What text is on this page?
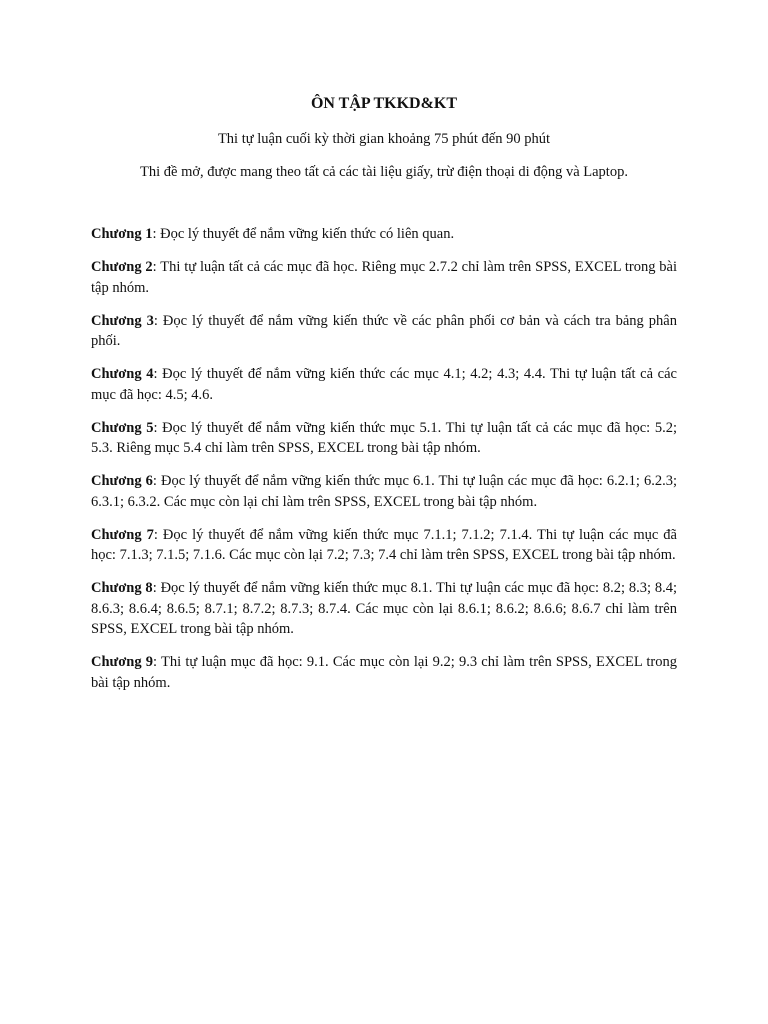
ÔN TẬP TKKD&KT
Thi tự luận cuối kỳ thời gian khoảng 75 phút đến 90 phút
Thi đề mở, được mang theo tất cả các tài liệu giấy, trừ điện thoại di động và Laptop.

Chương 1: Đọc lý thuyết để nắm vững kiến thức có liên quan.

Chương 2: Thi tự luận tất cả các mục đã học. Riêng mục 2.7.2 chỉ làm trên SPSS, EXCEL trong bài tập nhóm.

Chương 3: Đọc lý thuyết để nắm vững kiến thức về các phân phối cơ bản và cách tra bảng phân phối.

Chương 4: Đọc lý thuyết để nắm vững kiến thức các mục 4.1; 4.2; 4.3; 4.4. Thi tự luận tất cả các mục đã học: 4.5; 4.6.

Chương 5: Đọc lý thuyết để nắm vững kiến thức mục 5.1. Thi tự luận tất cả các mục đã học: 5.2; 5.3. Riêng mục 5.4 chỉ làm trên SPSS, EXCEL trong bài tập nhóm.

Chương 6: Đọc lý thuyết để nắm vững kiến thức mục 6.1. Thi tự luận các mục đã học: 6.2.1; 6.2.3; 6.3.1; 6.3.2. Các mục còn lại chỉ làm trên SPSS, EXCEL trong bài tập nhóm.

Chương 7: Đọc lý thuyết để nắm vững kiến thức mục 7.1.1; 7.1.2; 7.1.4. Thi tự luận các mục đã học: 7.1.3; 7.1.5; 7.1.6. Các mục còn lại 7.2; 7.3; 7.4 chỉ làm trên SPSS, EXCEL trong bài tập nhóm.

Chương 8: Đọc lý thuyết để nắm vững kiến thức mục 8.1. Thi tự luận các mục đã học: 8.2; 8.3; 8.4; 8.6.3; 8.6.4; 8.6.5; 8.7.1; 8.7.2; 8.7.3; 8.7.4. Các mục còn lại 8.6.1; 8.6.2; 8.6.6; 8.6.7 chỉ làm trên SPSS, EXCEL trong bài tập nhóm.

Chương 9: Thi tự luận mục đã học: 9.1. Các mục còn lại 9.2; 9.3 chỉ làm trên SPSS, EXCEL trong bài tập nhóm.
